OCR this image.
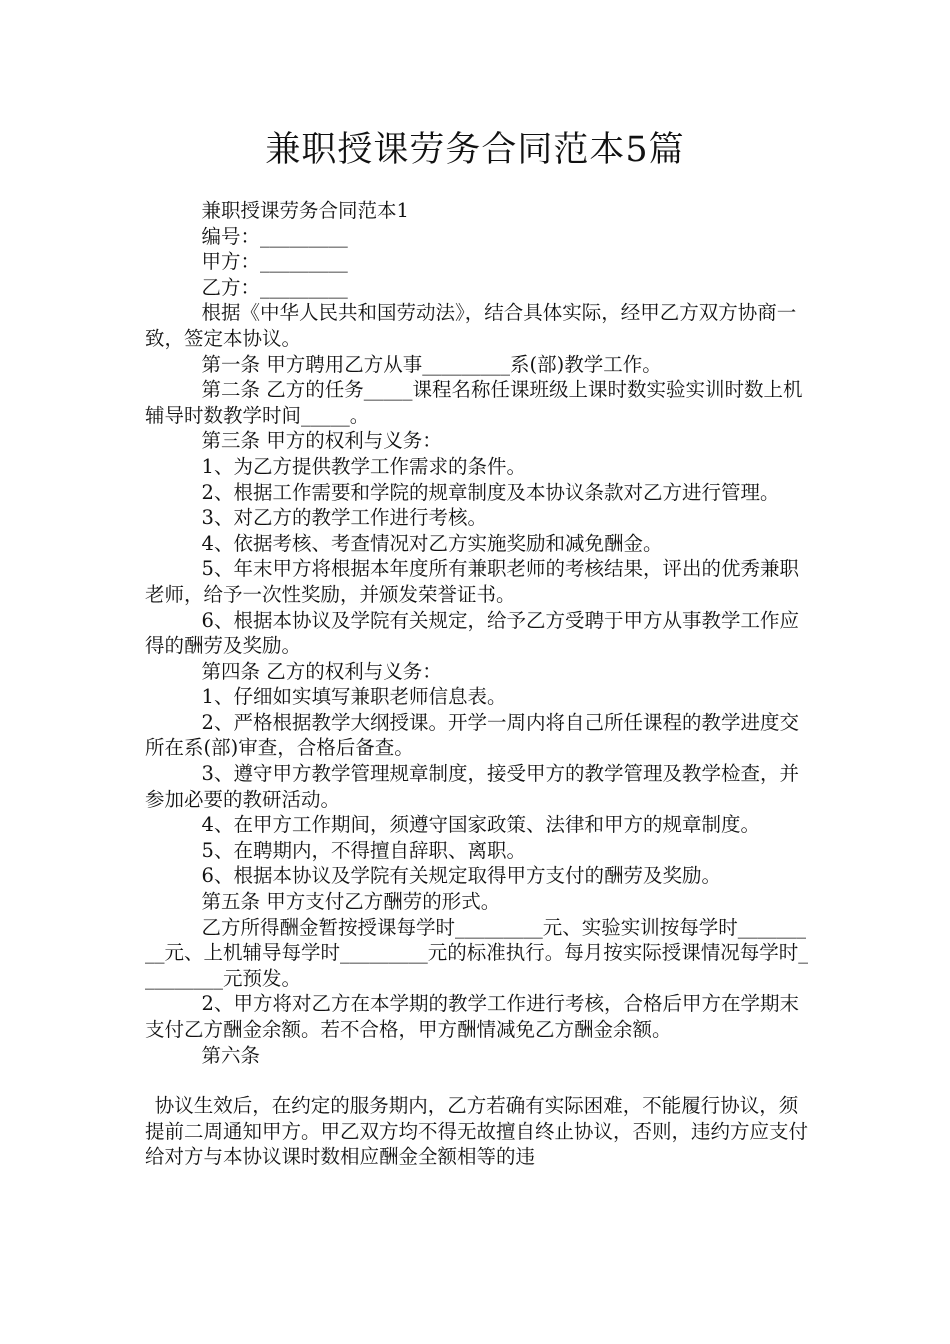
兼职授课劳务合同范本5篇

兼职授课劳务合同范本1

编号：_________

甲方：_________

乙方：_________

根据《中华人民共和国劳动法》，结合具体实际，经甲乙方双方协商一致，签定本协议。

第一条 甲方聘用乙方从事_________系(部)教学工作。

第二条 乙方的任务_____课程名称任课班级上课时数实验实训时数上机辅导时数教学时间_____。

第三条 甲方的权利与义务：

1、为乙方提供教学工作需求的条件。

2、根据工作需要和学院的规章制度及本协议条款对乙方进行管理。

3、对乙方的教学工作进行考核。

4、依据考核、考查情况对乙方实施奖励和减免酬金。

5、年末甲方将根据本年度所有兼职老师的考核结果，评出的优秀兼职老师，给予一次性奖励，并颁发荣誉证书。

6、根据本协议及学院有关规定，给予乙方受聘于甲方从事教学工作应得的酬劳及奖励。

第四条 乙方的权利与义务：

1、仔细如实填写兼职老师信息表。

2、严格根据教学大纲授课。开学一周内将自己所任课程的教学进度交所在系(部)审查，合格后备查。

3、遵守甲方教学管理规章制度，接受甲方的教学管理及教学检查，并参加必要的教研活动。

4、在甲方工作期间，须遵守国家政策、法律和甲方的规章制度。

5、在聘期内，不得擅自辞职、离职。

6、根据本协议及学院有关规定取得甲方支付的酬劳及奖励。

第五条 甲方支付乙方酬劳的形式。

乙方所得酬金暂按授课每学时_________元、实验实训按每学时_________元、上机辅导每学时_________元的标准执行。每月按实际授课情况每学时_________元预发。

2、甲方将对乙方在本学期的教学工作进行考核，合格后甲方在学期末支付乙方酬金余额。若不合格，甲方酬情减免乙方酬金余额。

第六条

协议生效后，在约定的服务期内，乙方若确有实际困难，不能履行协议，须提前二周通知甲方。甲乙双方均不得无故擅自终止协议，否则，违约方应支付给对方与本协议课时数相应酬金全额相等的违
